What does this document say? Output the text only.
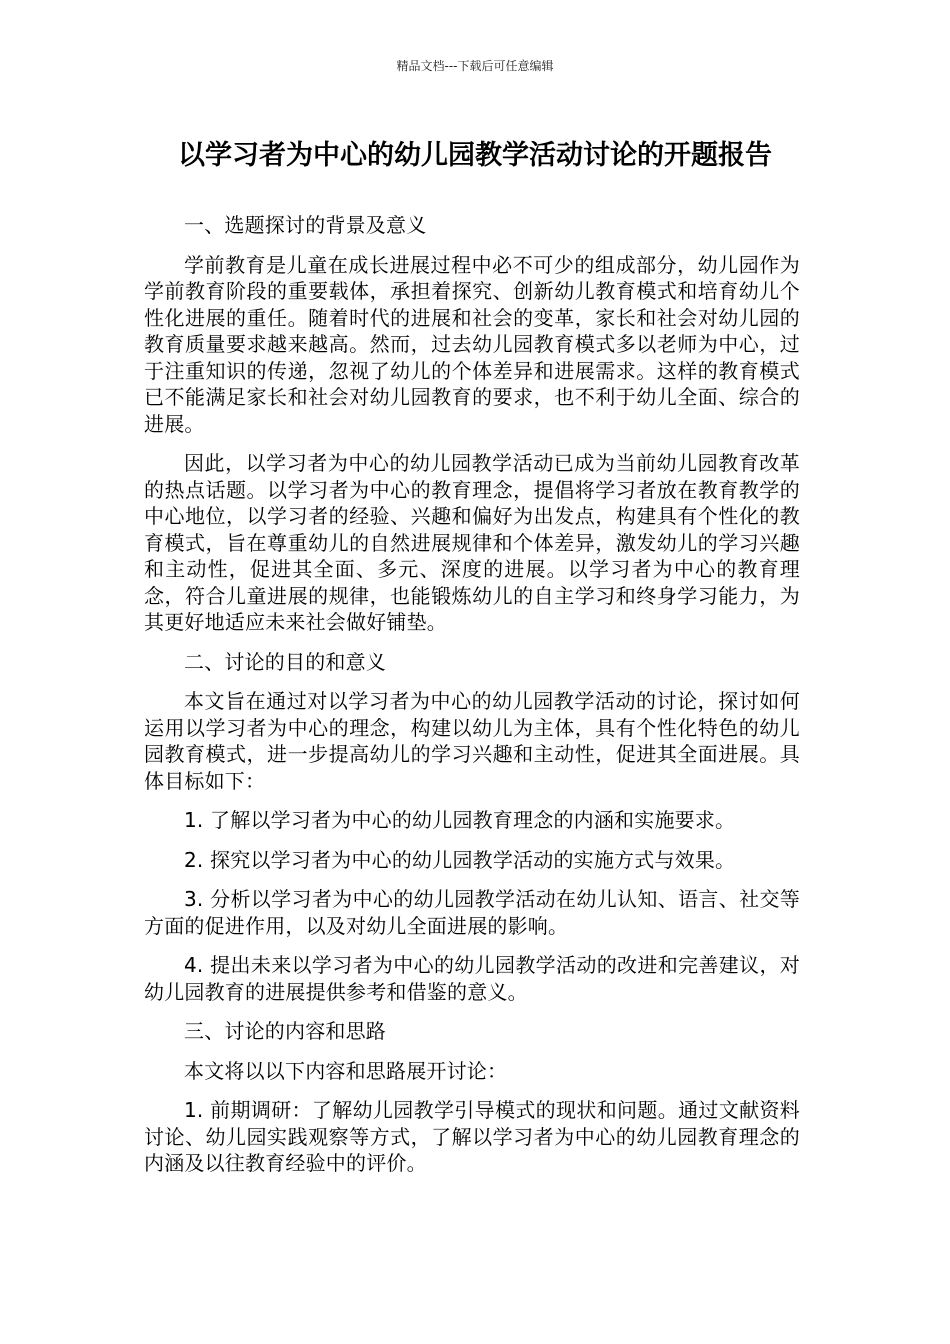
精品文档---下载后可任意编辑
以学习者为中心的幼儿园教学活动讨论的开题报告

一、选题探讨的背景及意义

学前教育是儿童在成长进展过程中必不可少的组成部分，幼儿园作为学前教育阶段的重要载体，承担着探究、创新幼儿教育模式和培育幼儿个性化进展的重任。随着时代的进展和社会的变革，家长和社会对幼儿园的教育质量要求越来越高。然而，过去幼儿园教育模式多以老师为中心，过于注重知识的传递，忽视了幼儿的个体差异和进展需求。这样的教育模式已不能满足家长和社会对幼儿园教育的要求，也不利于幼儿全面、综合的进展。

因此，以学习者为中心的幼儿园教学活动已成为当前幼儿园教育改革的热点话题。以学习者为中心的教育理念，提倡将学习者放在教育教学的中心地位，以学习者的经验、兴趣和偏好为出发点，构建具有个性化的教育模式，旨在尊重幼儿的自然进展规律和个体差异，激发幼儿的学习兴趣和主动性，促进其全面、多元、深度的进展。以学习者为中心的教育理念，符合儿童进展的规律，也能锻炼幼儿的自主学习和终身学习能力，为其更好地适应未来社会做好铺垫。

二、讨论的目的和意义

本文旨在通过对以学习者为中心的幼儿园教学活动的讨论，探讨如何运用以学习者为中心的理念，构建以幼儿为主体，具有个性化特色的幼儿园教育模式，进一步提高幼儿的学习兴趣和主动性，促进其全面进展。具体目标如下：

1. 了解以学习者为中心的幼儿园教育理念的内涵和实施要求。

2. 探究以学习者为中心的幼儿园教学活动的实施方式与效果。

3. 分析以学习者为中心的幼儿园教学活动在幼儿认知、语言、社交等方面的促进作用，以及对幼儿全面进展的影响。

4. 提出未来以学习者为中心的幼儿园教学活动的改进和完善建议，对幼儿园教育的进展提供参考和借鉴的意义。

三、讨论的内容和思路

本文将以以下内容和思路展开讨论：

1. 前期调研：了解幼儿园教学引导模式的现状和问题。通过文献资料讨论、幼儿园实践观察等方式，了解以学习者为中心的幼儿园教育理念的内涵及以往教育经验中的评价。
